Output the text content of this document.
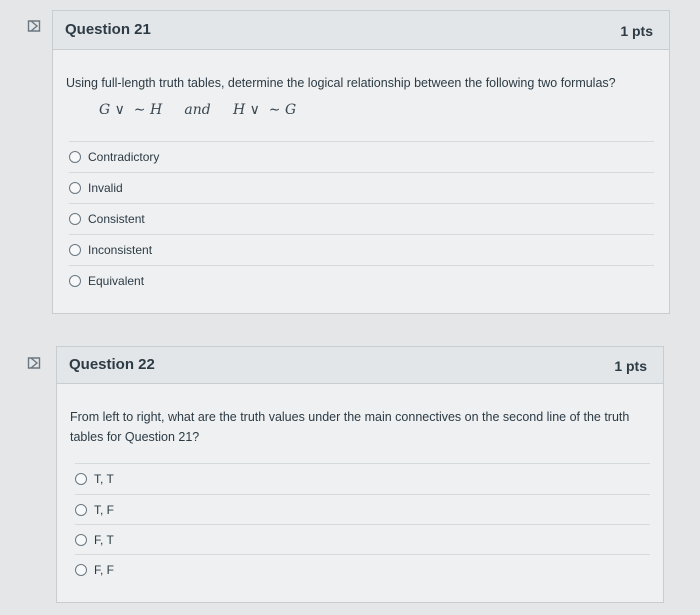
Question 21	1 pts
Using full-length truth tables, determine the logical relationship between the following two formulas?
G ∨  ∼ H     and     H ∨  ∼ G
Contradictory
Invalid
Consistent
Inconsistent
Equivalent
Question 22	1 pts
From left to right, what are the truth values under the main connectives on the second line of the truth tables for Question 21?
T, T
T, F
F, T
F, F
